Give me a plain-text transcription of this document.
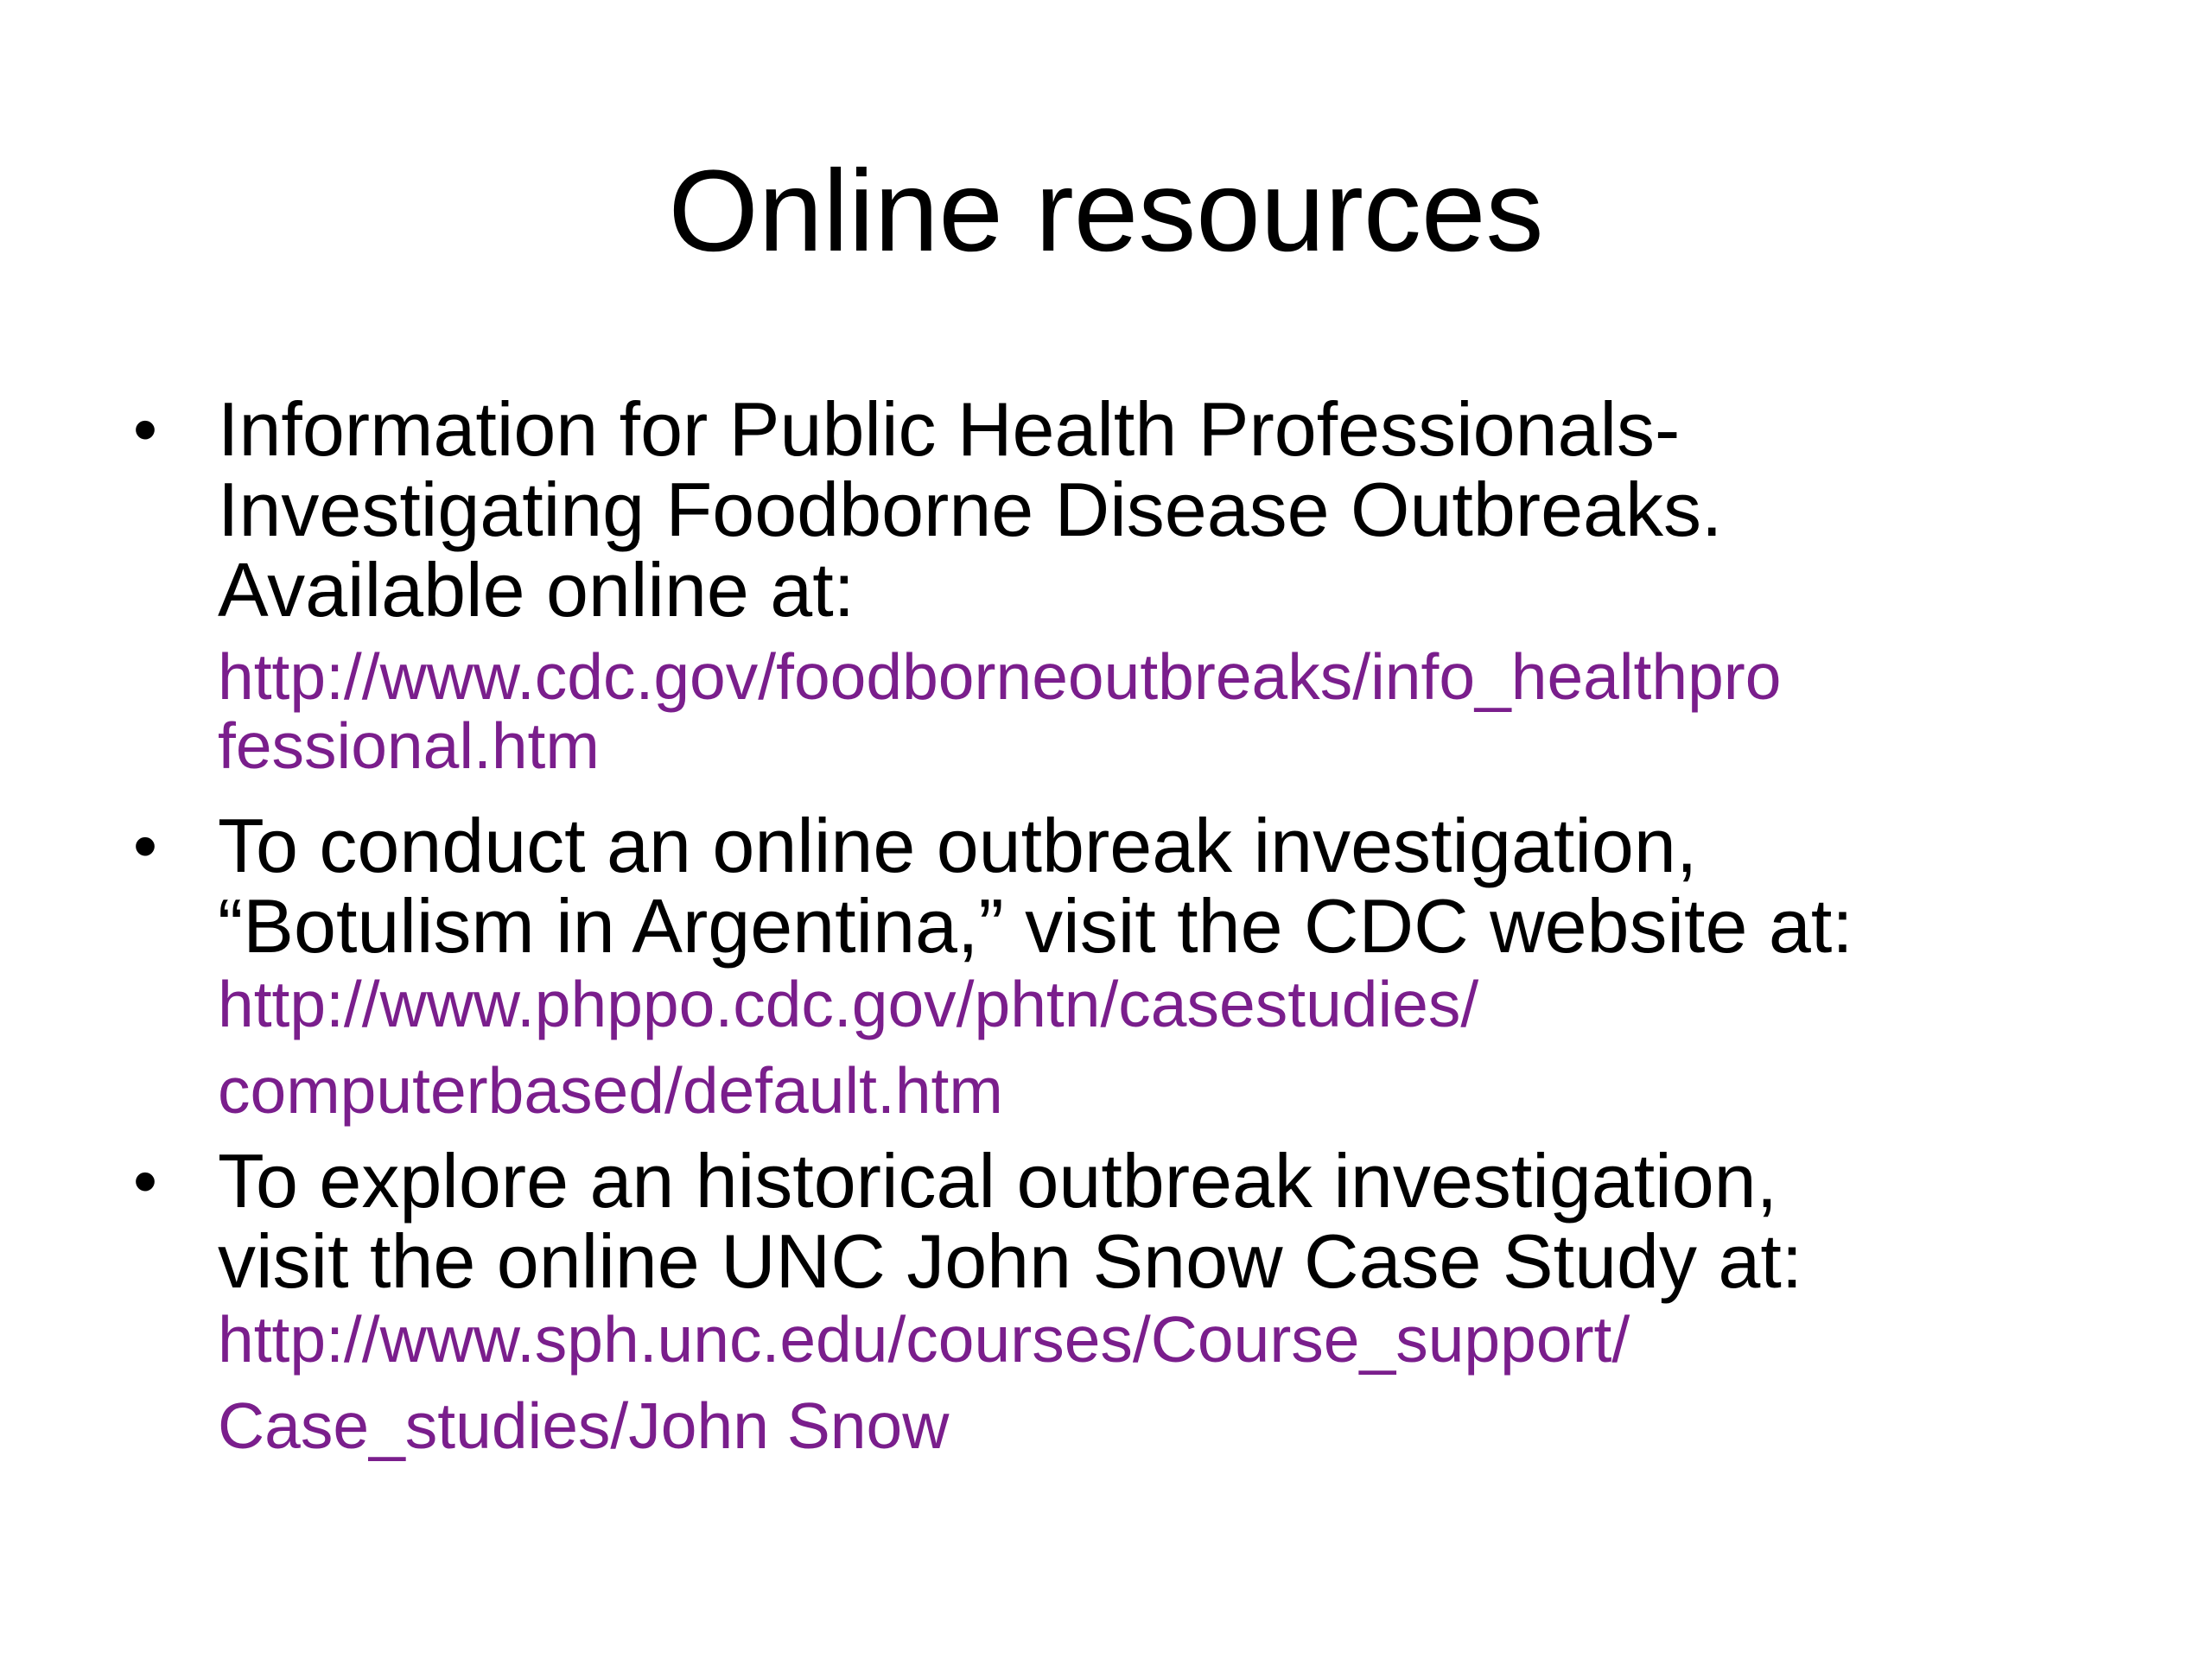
Online resources
• Information for Public Health Professionals-
Investigating Foodborne Disease Outbreaks.
Available online at:
http://www.cdc.gov/foodborneoutbreaks/info_healthpro
fessional.htm
• To conduct an online outbreak investigation,
“Botulism in Argentina,” visit the CDC website at:
http://www.phppo.cdc.gov/phtn/casestudies/
computerbased/default.htm
• To explore an historical outbreak investigation,
visit the online UNC John Snow Case Study at:
http://www.sph.unc.edu/courses/Course_support/
Case_studies/John Snow
